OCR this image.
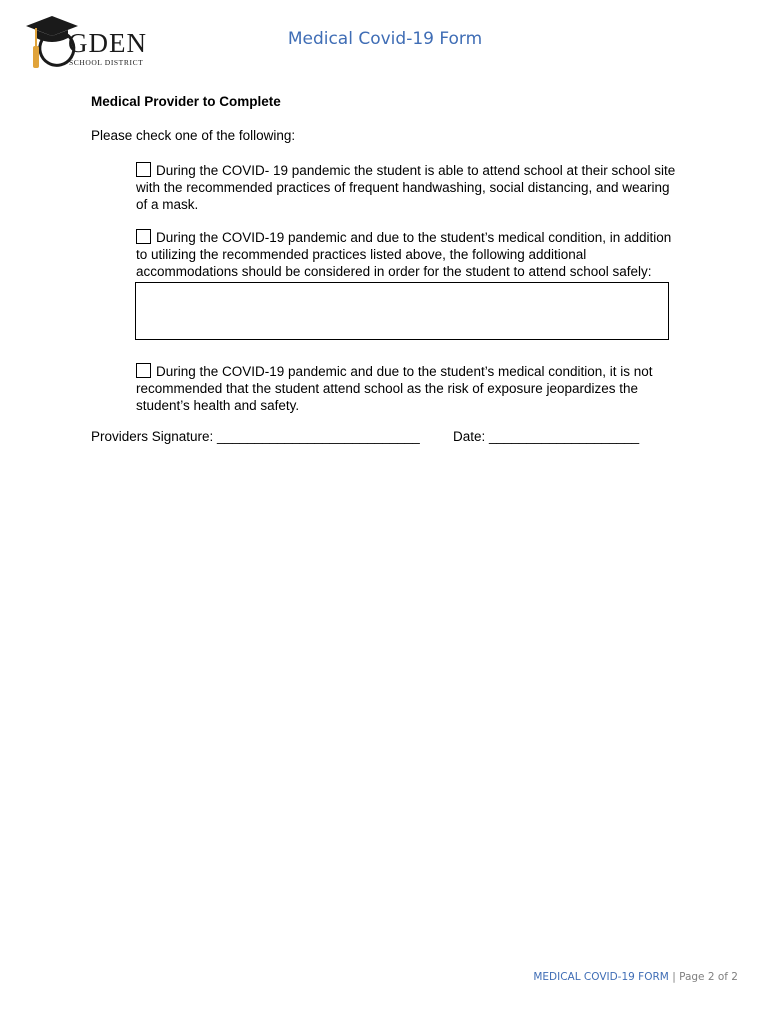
GDEN
SCHOOL DISTRICT
Medical Covid-19 Form
Medical Provider to Complete
Please check one of the following:
During the COVID- 19 pandemic the student is able to attend school at their school site with the recommended practices of frequent handwashing, social distancing, and wearing of a mask.
During the COVID-19 pandemic and due to the student’s medical condition, in addition to utilizing the recommended practices listed above, the following additional accommodations should be considered in order for the student to attend school safely:
During the COVID-19 pandemic and due to the student’s medical condition, it is not recommended that the student attend school as the risk of exposure jeopardizes the student’s health and safety.
Providers Signature: ___________________________ Date: ____________________
MEDICAL COVID-19 FORM | Page 2 of 2
